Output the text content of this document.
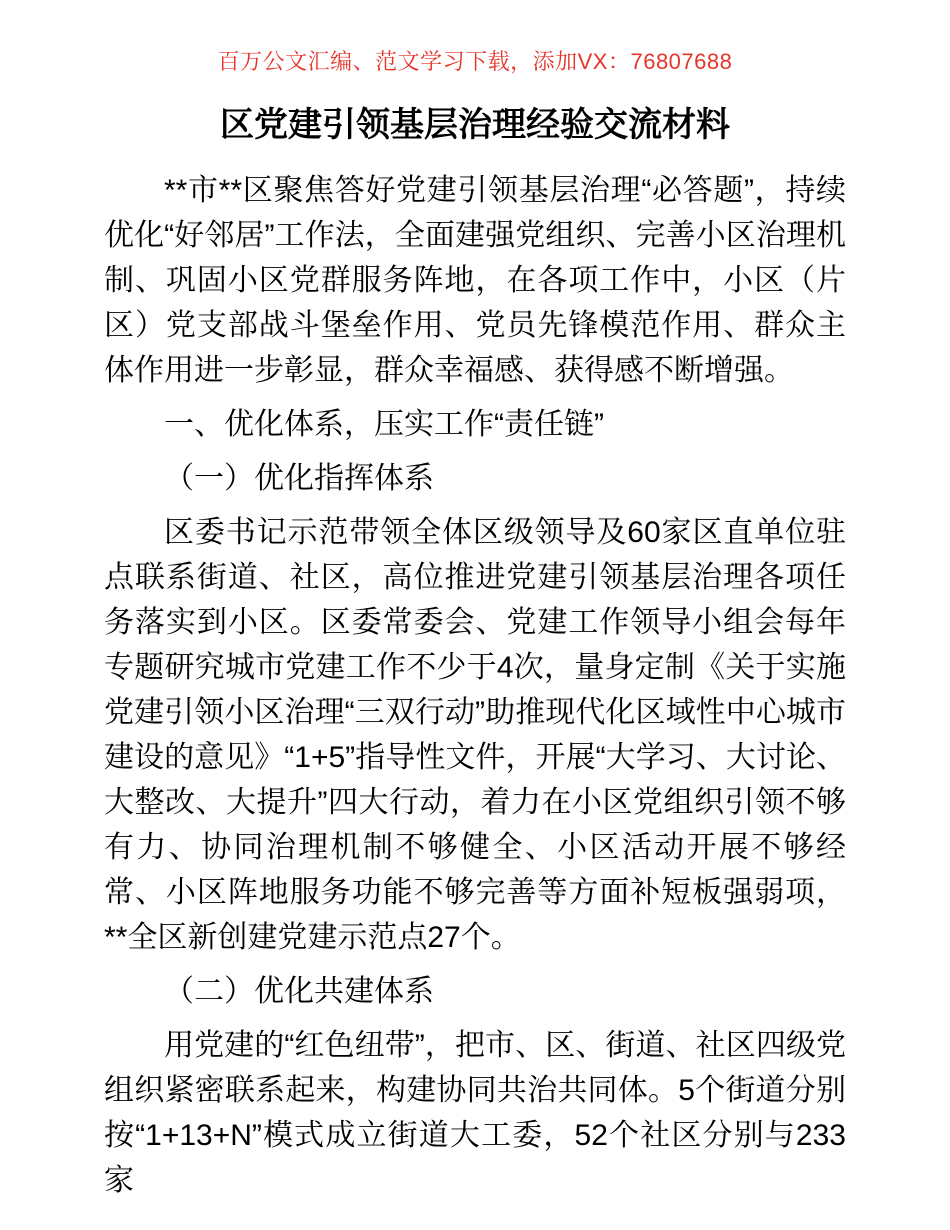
百万公文汇编、范文学习下载，添加VX：76807688
区党建引领基层治理经验交流材料

**市**区聚焦答好党建引领基层治理“必答题”，持续优化“好邻居”工作法，全面建强党组织、完善小区治理机制、巩固小区党群服务阵地，在各项工作中，小区（片区）党支部战斗堡垒作用、党员先锋模范作用、群众主体作用进一步彰显，群众幸福感、获得感不断增强。

一、优化体系，压实工作“责任链”

（一）优化指挥体系

区委书记示范带领全体区级领导及60家区直单位驻点联系街道、社区，高位推进党建引领基层治理各项任务落实到小区。区委常委会、党建工作领导小组会每年专题研究城市党建工作不少于4次，量身定制《关于实施党建引领小区治理“三双行动”助推现代化区域性中心城市建设的意见》“1+5”指导性文件，开展“大学习、大讨论、大整改、大提升”四大行动，着力在小区党组织引领不够有力、协同治理机制不够健全、小区活动开展不够经常、小区阵地服务功能不够完善等方面补短板强弱项，**全区新创建党建示范点27个。

（二）优化共建体系

用党建的“红色纽带”，把市、区、街道、社区四级党组织紧密联系起来，构建协同共治共同体。5个街道分别按“1+13+N”模式成立街道大工委，52个社区分别与233家
